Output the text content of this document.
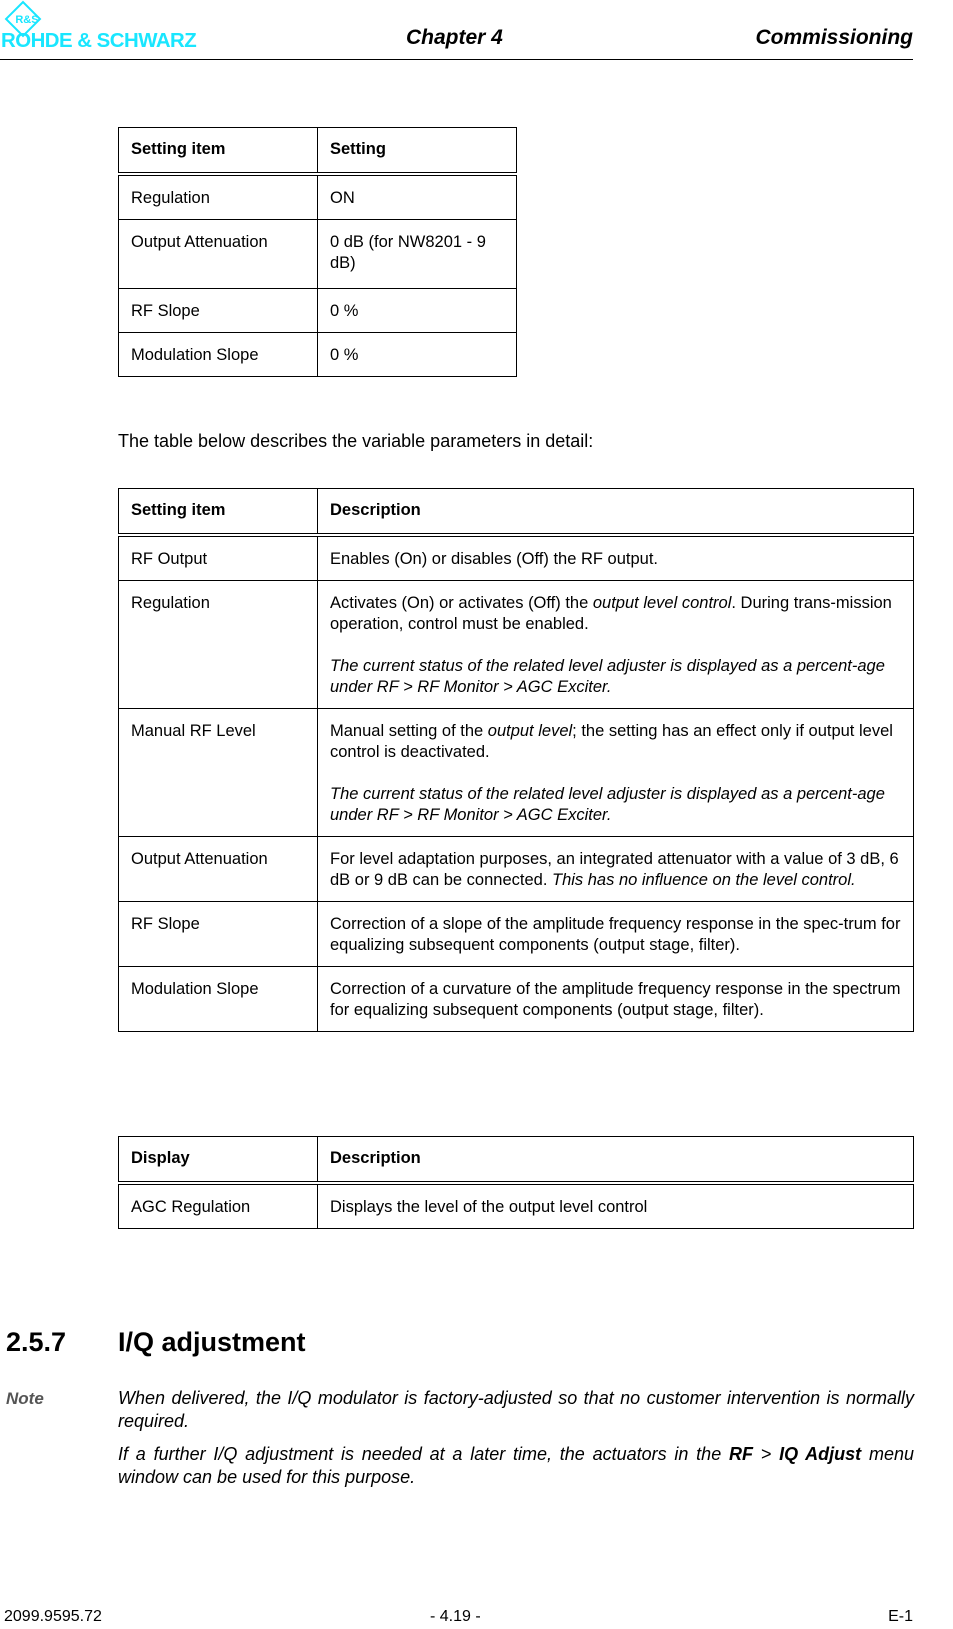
R&S
ROHDE & SCHWARZ	Chapter 4	Commissioning
Setting item	Setting
Regulation	ON
Output Attenuation	0 dB (for NW8201 - 9 dB)
RF Slope	0 %
Modulation Slope	0 %
The table below describes the variable parameters in detail:
Setting item	Description
RF Output	Enables (On) or disables (Off) the RF output.
Regulation	Activates (On) or activates (Off) the output level control. During trans-mission operation, control must be enabled.
The current status of the related level adjuster is displayed as a percent-age under RF > RF Monitor > AGC Exciter.

Manual RF Level	Manual setting of the output level; the setting has an effect only if output level control is deactivated.
The current status of the related level adjuster is displayed as a percent-age under RF > RF Monitor > AGC Exciter.

Output Attenuation	For level adaptation purposes, an integrated attenuator with a value of 3 dB, 6 dB or 9 dB can be connected. This has no influence on the level control.
RF Slope	Correction of a slope of the amplitude frequency response in the spec-trum for equalizing subsequent components (output stage, filter).
Modulation Slope	Correction of a curvature of the amplitude frequency response in the spectrum for equalizing subsequent components (output stage, filter).
Display	Description
AGC Regulation	Displays the level of the output level control
2.5.7 I/Q adjustment
Note	When delivered, the I/Q modulator is factory-adjusted so that no customer intervention is normally required.

If a further I/Q adjustment is needed at a later time, the actuators in the RF > IQ Adjust menu window can be used for this purpose.

2099.9595.72	- 4.19 -	E-1
